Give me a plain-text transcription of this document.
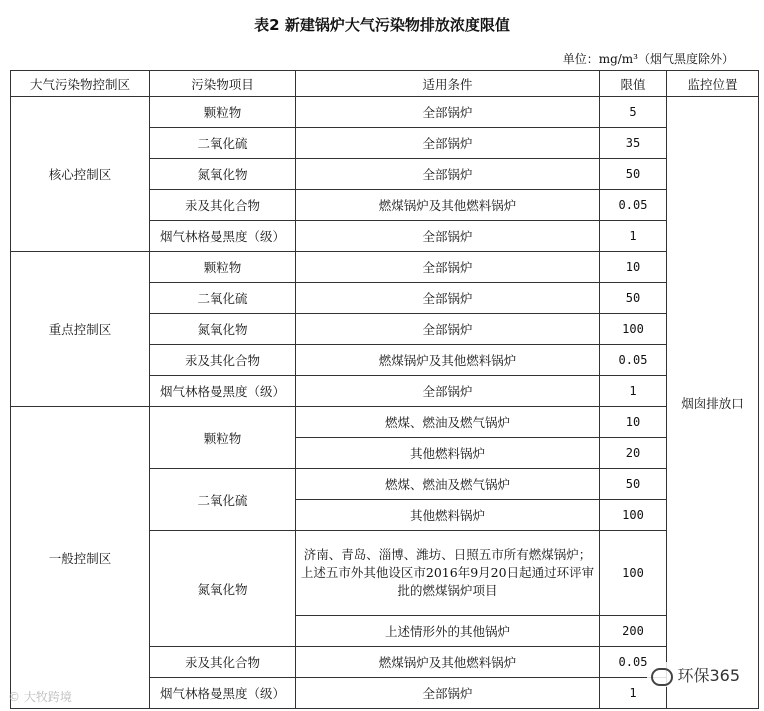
表2 新建锅炉大气污染物排放浓度限值
单位：mg/m³（烟气黑度除外）
大气污染物控制区	污染物项目	适用条件	限值	监控位置
核心控制区	颗粒物	全部锅炉	5	烟囱排放口
	二氧化硫	全部锅炉	35	
	氮氧化物	全部锅炉	50	
	汞及其化合物	燃煤锅炉及其他燃料锅炉	0.05	
	烟气林格曼黑度（级）	全部锅炉	1	
重点控制区	颗粒物	全部锅炉	10	
	二氧化硫	全部锅炉	50	
	氮氧化物	全部锅炉	100	
	汞及其化合物	燃煤锅炉及其他燃料锅炉	0.05	
	烟气林格曼黑度（级）	全部锅炉	1	
一般控制区	颗粒物	燃煤、燃油及燃气锅炉	10	
		其他燃料锅炉	20	
	二氧化硫	燃煤、燃油及燃气锅炉	50	
		其他燃料锅炉	100	
	氮氧化物	济南、青岛、淄博、潍坊、日照五市所有燃煤锅炉；上述五市外其他设区市2016年9月20日起通过环评审批的燃煤锅炉项目	100	
		上述情形外的其他锅炉	200	
	汞及其化合物	燃煤锅炉及其他燃料锅炉	0.05	
	烟气林格曼黑度（级）	全部锅炉	1	
© 大牧跨境
环保365
